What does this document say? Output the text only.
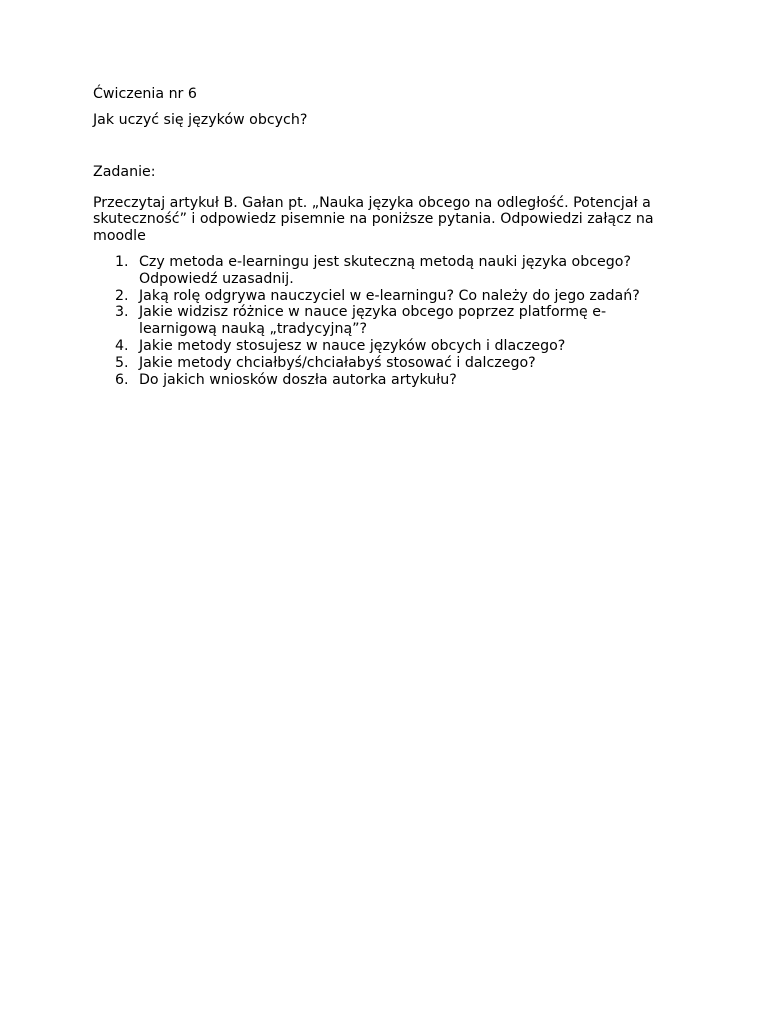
Ćwiczenia nr 6

Jak uczyć się języków obcych?

Zadanie:

Przeczytaj artykuł B. Gałan pt. „Nauka języka obcego na odległość. Potencjał a
skuteczność” i odpowiedz pisemnie na poniższe pytania. Odpowiedzi załącz na
moodle

1. Czy metoda e-learningu jest skuteczną metodą nauki języka obcego?
Odpowiedź uzasadnij.
2. Jaką rolę odgrywa nauczyciel w e-learningu? Co należy do jego zadań?
3. Jakie widzisz różnice w nauce języka obcego poprzez platformę e-
learnigową nauką „tradycyjną”?
4. Jakie metody stosujesz w nauce języków obcych i dlaczego?
5. Jakie metody chciałbyś/chciałabyś stosować i dalczego?
6. Do jakich wniosków doszła autorka artykułu?
